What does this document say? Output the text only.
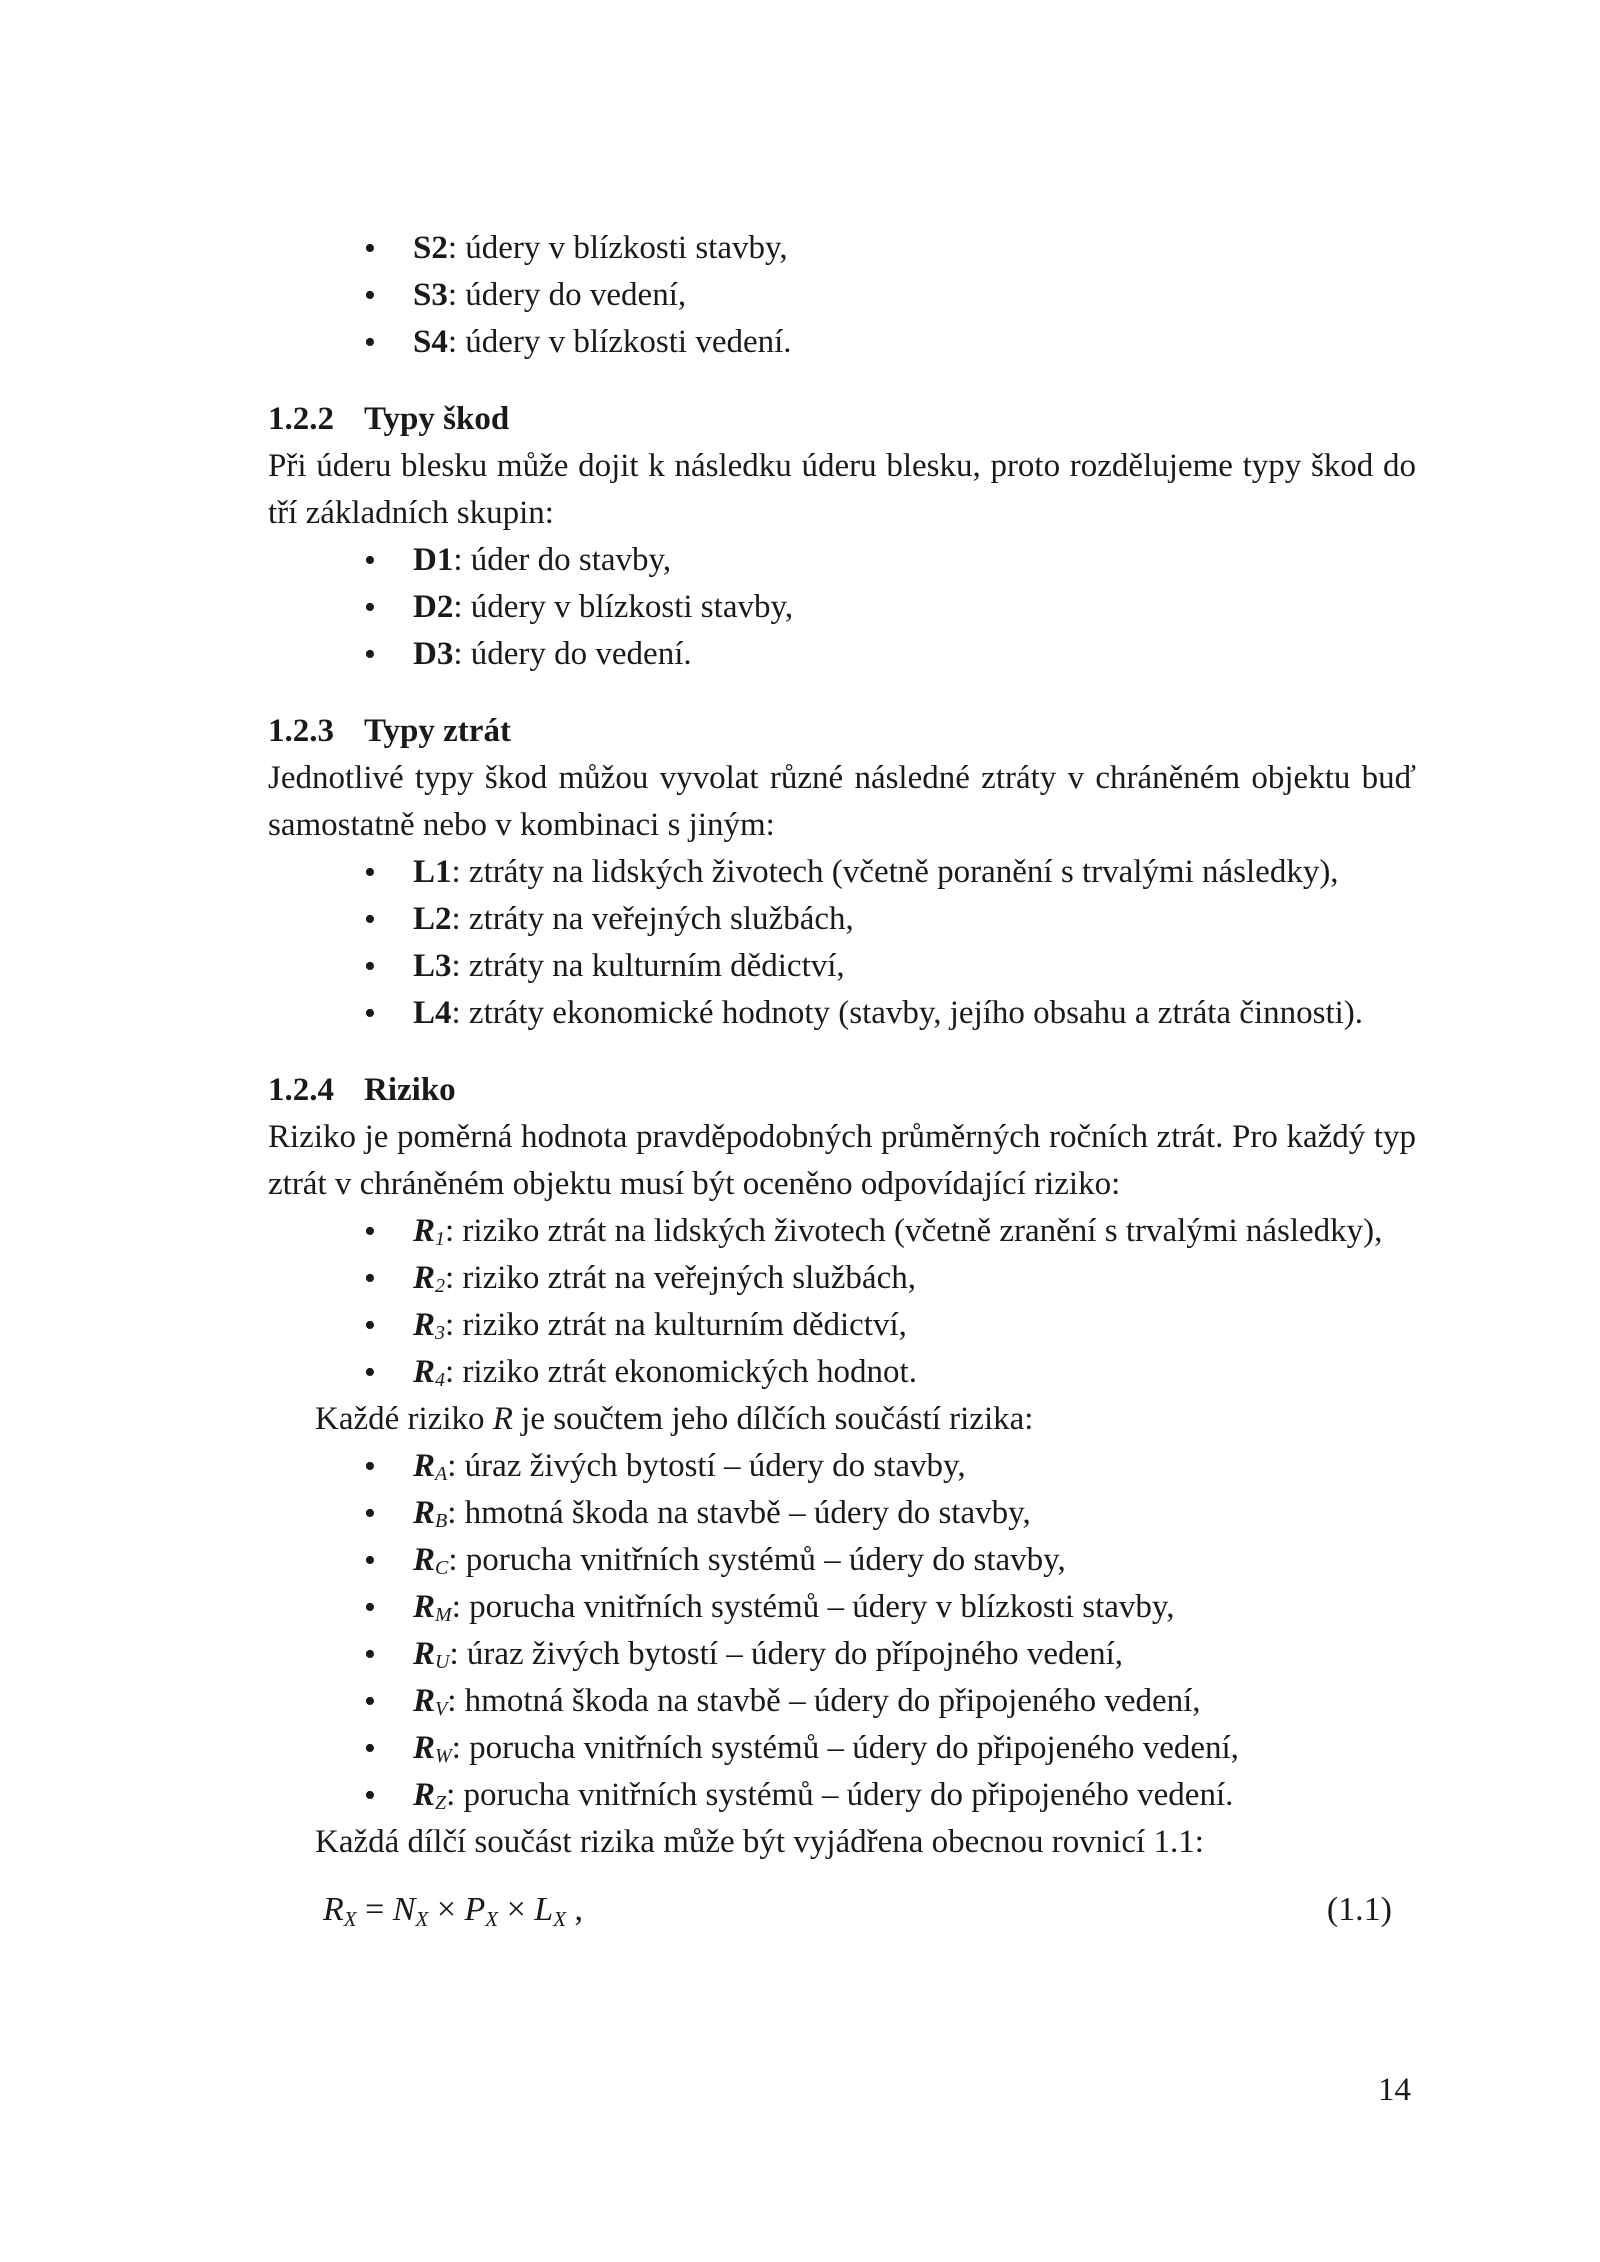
• S2: údery v blízkosti stavby,
• S3: údery do vedení,
• S4: údery v blízkosti vedení.
1.2.2 Typy škod
Při úderu blesku může dojit k následku úderu blesku, proto rozdělujeme typy škod do tří základních skupin:
• D1: úder do stavby,
• D2: údery v blízkosti stavby,
• D3: údery do vedení.
1.2.3 Typy ztrát
Jednotlivé typy škod můžou vyvolat různé následné ztráty v chráněném objektu buď samostatně nebo v kombinaci s jiným:
• L1: ztráty na lidských životech (včetně poranění s trvalými následky),
• L2: ztráty na veřejných službách,
• L3: ztráty na kulturním dědictví,
• L4: ztráty ekonomické hodnoty (stavby, jejího obsahu a ztráta činnosti).
1.2.4 Riziko
Riziko je poměrná hodnota pravděpodobných průměrných ročních ztrát. Pro každý typ ztrát v chráněném objektu musí být oceněno odpovídající riziko:
• $R_1$: riziko ztrát na lidských životech (včetně zranění s trvalými následky),
• $R_2$: riziko ztrát na veřejných službách,
• $R_3$: riziko ztrát na kulturním dědictví,
• $R_4$: riziko ztrát ekonomických hodnot.
Každé riziko R je součtem jeho dílčích součástí rizika:
• $R_A$: úraz živých bytostí – údery do stavby,
• $R_B$: hmotná škoda na stavbě – údery do stavby,
• $R_C$: porucha vnitřních systémů – údery do stavby,
• $R_M$: porucha vnitřních systémů – údery v blízkosti stavby,
• $R_U$: úraz živých bytostí – údery do přípojného vedení,
• $R_V$: hmotná škoda na stavbě – údery do připojeného vedení,
• $R_W$: porucha vnitřních systémů – údery do připojeného vedení,
• $R_Z$: porucha vnitřních systémů – údery do připojeného vedení.
Každá dílčí součást rizika může být vyjádřena obecnou rovnicí 1.1:
$R_X = N_X \times P_X \times L_X$ ,	(1.1)
14
